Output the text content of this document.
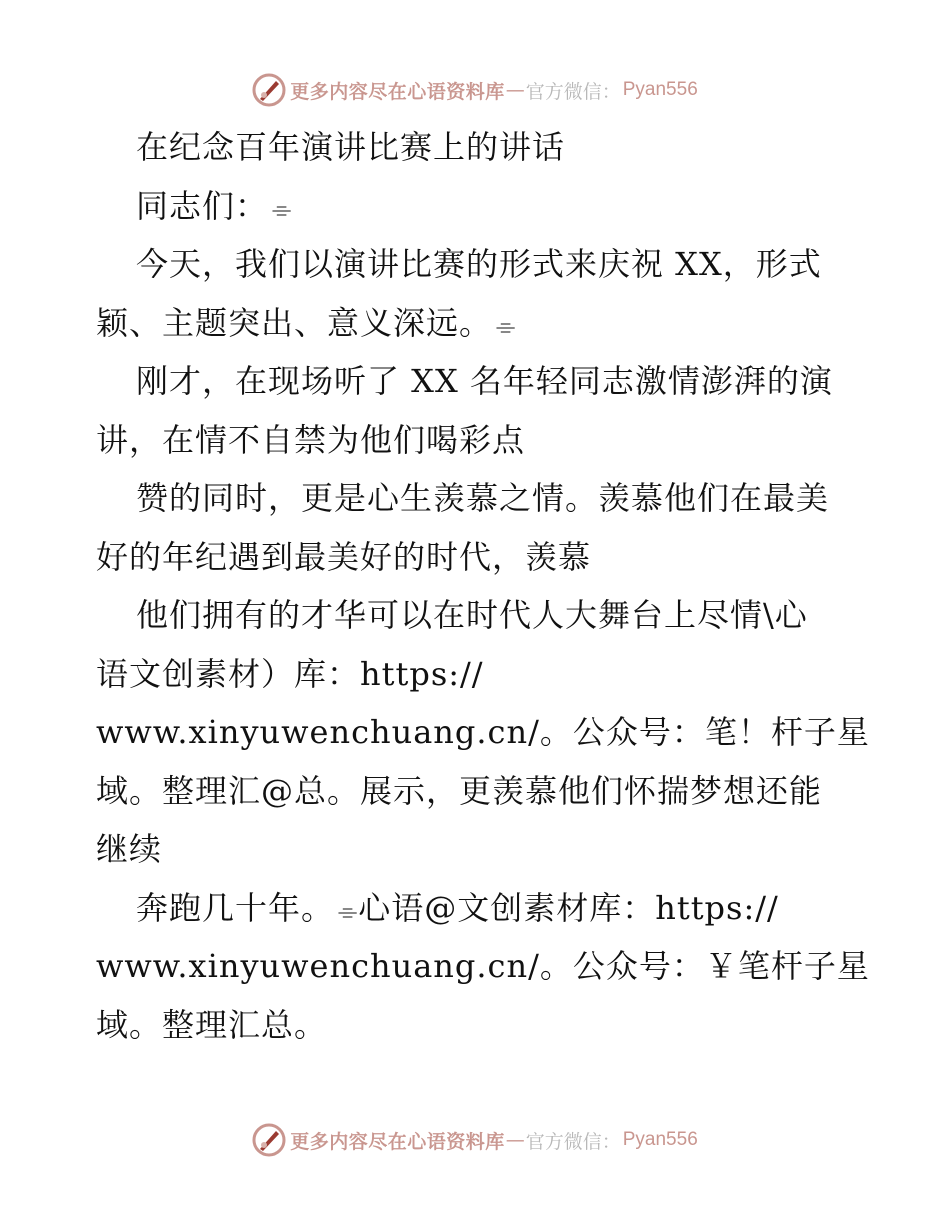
更多内容尽在心语资料库 — 官方微信： Pyan556
在纪念百年演讲比赛上的讲话
同志们： ⌯
今天，我们以演讲比赛的形式来庆祝 XX，形式
颖、主题突出、意义深远。 ⌯
刚才，在现场听了 XX 名年轻同志激情澎湃的演
讲，在情不自禁为他们喝彩点
赞的同时，更是心生羡慕之情。羡慕他们在最美
好的年纪遇到最美好的时代，羡慕
他们拥有的才华可以在时代人大舞台上尽情\心
语文创素材）库：https://
www.xinyuwenchuang.cn/。公众号：笔！杆子星
域。整理汇@总。展示，更羡慕他们怀揣梦想还能
继续
奔跑几十年。 ⌯心语@文创素材库：https://
www.xinyuwenchuang.cn/。公众号：￥笔杆子星
域。整理汇总。
更多内容尽在心语资料库 — 官方微信： Pyan556
